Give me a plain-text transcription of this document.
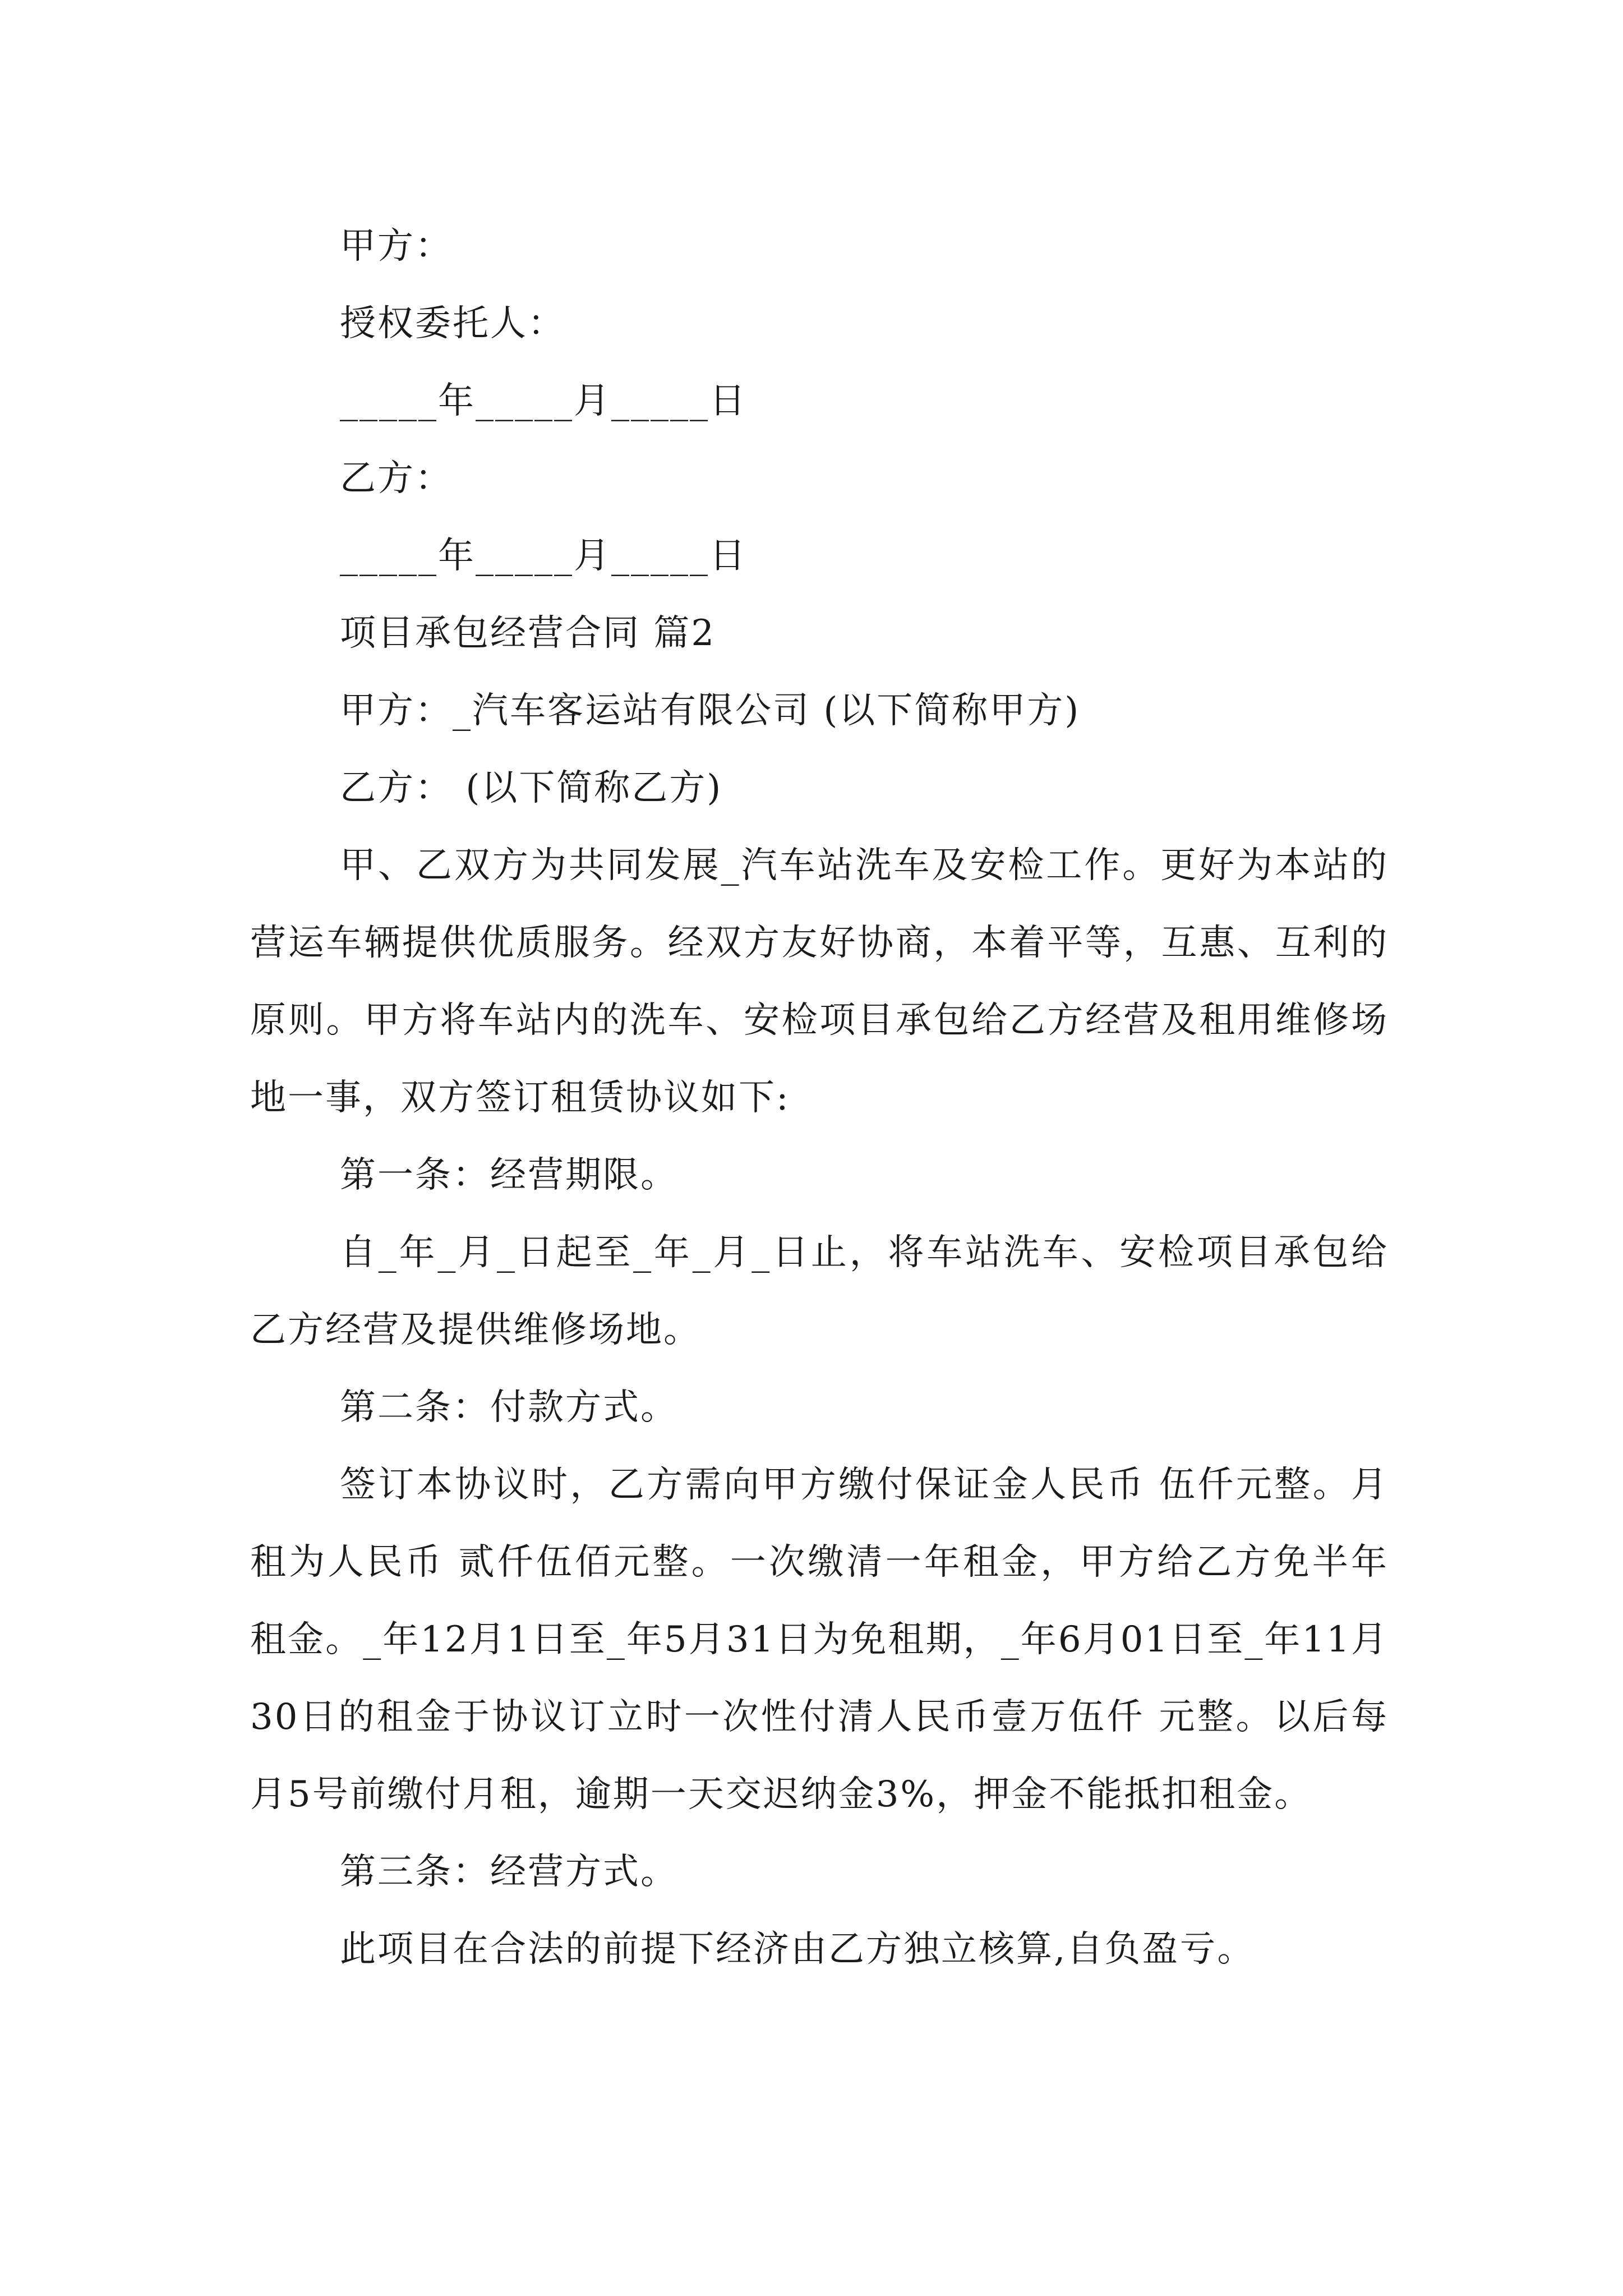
甲方：

授权委托人：

_____年_____月_____日

乙方：

_____年_____月_____日

项目承包经营合同 篇2

甲方：_汽车客运站有限公司 (以下简称甲方)

乙方： (以下简称乙方)

甲、乙双方为共同发展_汽车站洗车及安检工作。更好为本站的营运车辆提供优质服务。经双方友好协商，本着平等，互惠、互利的原则。甲方将车站内的洗车、安检项目承包给乙方经营及租用维修场地一事，双方签订租赁协议如下:

第一条：经营期限。

自_年_月_日起至_年_月_日止，将车站洗车、安检项目承包给乙方经营及提供维修场地。

第二条：付款方式。

签订本协议时，乙方需向甲方缴付保证金人民币 伍仟元整。月租为人民币 贰仟伍佰元整。一次缴清一年租金，甲方给乙方免半年租金。_年12月1日至_年5月31日为免租期，_年6月01日至_年11月30日的租金于协议订立时一次性付清人民币壹万伍仟 元整。以后每月5号前缴付月租，逾期一天交迟纳金3%，押金不能抵扣租金。

第三条：经营方式。

此项目在合法的前提下经济由乙方独立核算,自负盈亏。
